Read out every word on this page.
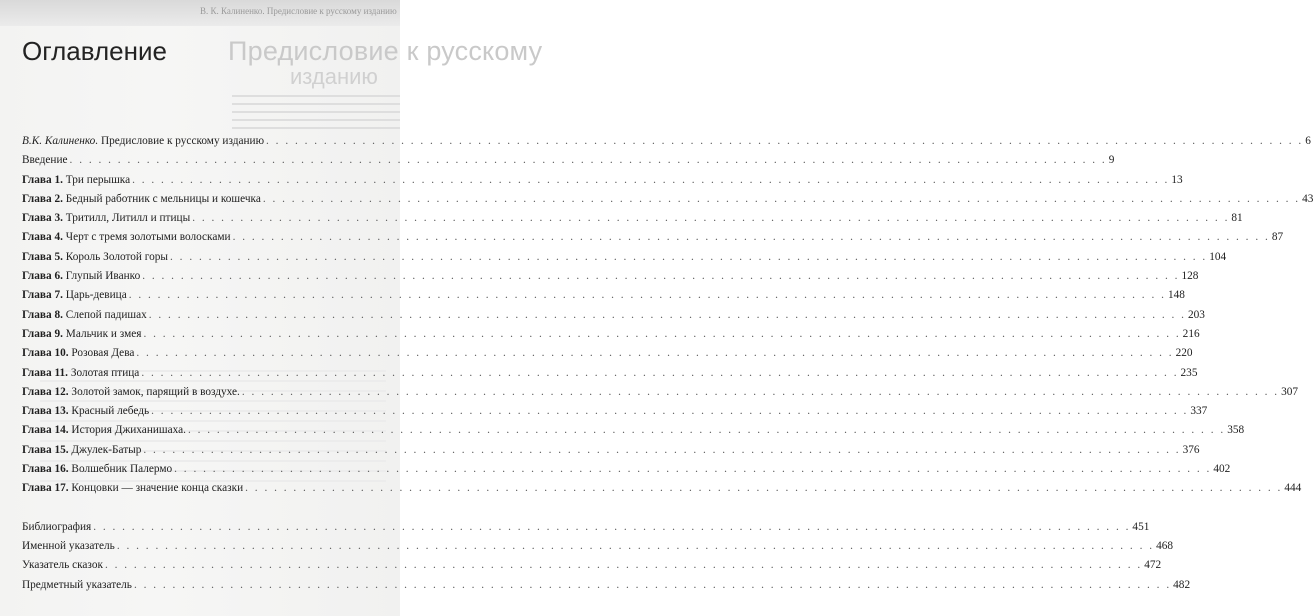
В. К. Калиненко. Предисловие к русскому изданию
Предисловие к русскому
изданию
Оглавление
В.К. Калиненко. Предисловие к русскому изданию . . .	6
Введение . . .	9
Глава 1. Три перышка . . .	13
Глава 2. Бедный работник с мельницы и кошечка . . .	43
Глава 3. Тритилл, Литилл и птицы . . .	81
Глава 4. Черт с тремя золотыми волосками . . .	87
Глава 5. Король Золотой горы . . .	104
Глава 6. Глупый Иванко . . .	128
Глава 7. Царь-девица . . .	148
Глава 8. Слепой падишах . . .	203
Глава 9. Мальчик и змея . . .	216
Глава 10. Розовая Дева . . .	220
Глава 11. Золотая птица . . .	235
Глава 12. Золотой замок, парящий в воздухе. . . .	307
Глава 13. Красный лебедь . . .	337
Глава 14. История Джиханишаха. . . .	358
Глава 15. Джулек-Батыр . . .	376
Глава 16. Волшебник Палермо . . .	402
Глава 17. Концовки — значение конца сказки . . .	444
Библиография . . .	451
Именной указатель . . .	468
Указатель сказок . . .	472
Предметный указатель . . .	482
